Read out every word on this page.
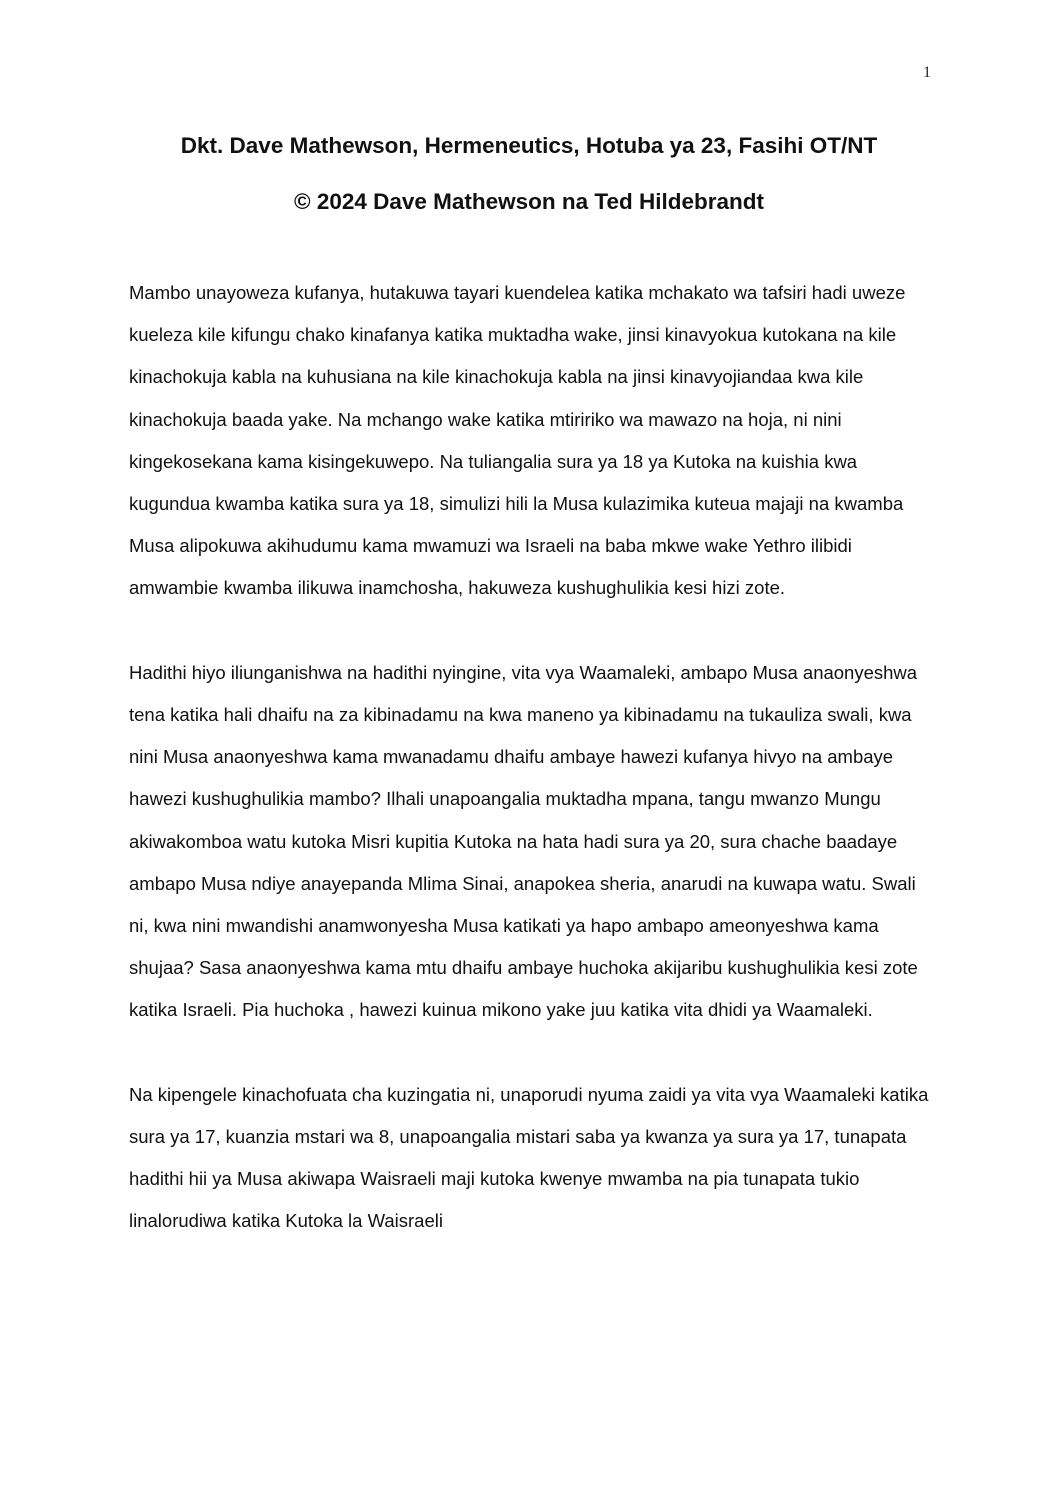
1
Dkt. Dave Mathewson, Hermeneutics, Hotuba ya 23, Fasihi OT/NT
© 2024 Dave Mathewson na Ted Hildebrandt

Mambo unayoweza kufanya, hutakuwa tayari kuendelea katika mchakato wa tafsiri hadi uweze kueleza kile kifungu chako kinafanya katika muktadha wake, jinsi kinavyokua kutokana na kile kinachokuja kabla na kuhusiana na kile kinachokuja kabla na jinsi kinavyojiandaa kwa kile kinachokuja baada yake. Na mchango wake katika mtiririko wa mawazo na hoja, ni nini kingekosekana kama kisingekuwepo. Na tuliangalia sura ya 18 ya Kutoka na kuishia kwa kugundua kwamba katika sura ya 18, simulizi hili la Musa kulazimika kuteua majaji na kwamba Musa alipokuwa akihudumu kama mwamuzi wa Israeli na baba mkwe wake Yethro ilibidi amwambie kwamba ilikuwa inamchosha, hakuweza kushughulikia kesi hizi zote.

Hadithi hiyo iliunganishwa na hadithi nyingine, vita vya Waamaleki, ambapo Musa anaonyeshwa tena katika hali dhaifu na za kibinadamu na kwa maneno ya kibinadamu na tukauliza swali, kwa nini Musa anaonyeshwa kama mwanadamu dhaifu ambaye hawezi kufanya hivyo na ambaye hawezi kushughulikia mambo? Ilhali unapoangalia muktadha mpana, tangu mwanzo Mungu akiwakomboa watu kutoka Misri kupitia Kutoka na hata hadi sura ya 20, sura chache baadaye ambapo Musa ndiye anayepanda Mlima Sinai, anapokea sheria, anarudi na kuwapa watu. Swali ni, kwa nini mwandishi anamwonyesha Musa katikati ya hapo ambapo ameonyeshwa kama shujaa? Sasa anaonyeshwa kama mtu dhaifu ambaye huchoka akijaribu kushughulikia kesi zote katika Israeli. Pia huchoka , hawezi kuinua mikono yake juu katika vita dhidi ya Waamaleki.

Na kipengele kinachofuata cha kuzingatia ni, unaporudi nyuma zaidi ya vita vya Waamaleki katika sura ya 17, kuanzia mstari wa 8, unapoangalia mistari saba ya kwanza ya sura ya 17, tunapata hadithi hii ya Musa akiwapa Waisraeli maji kutoka kwenye mwamba na pia tunapata tukio linalorudiwa katika Kutoka la Waisraeli
